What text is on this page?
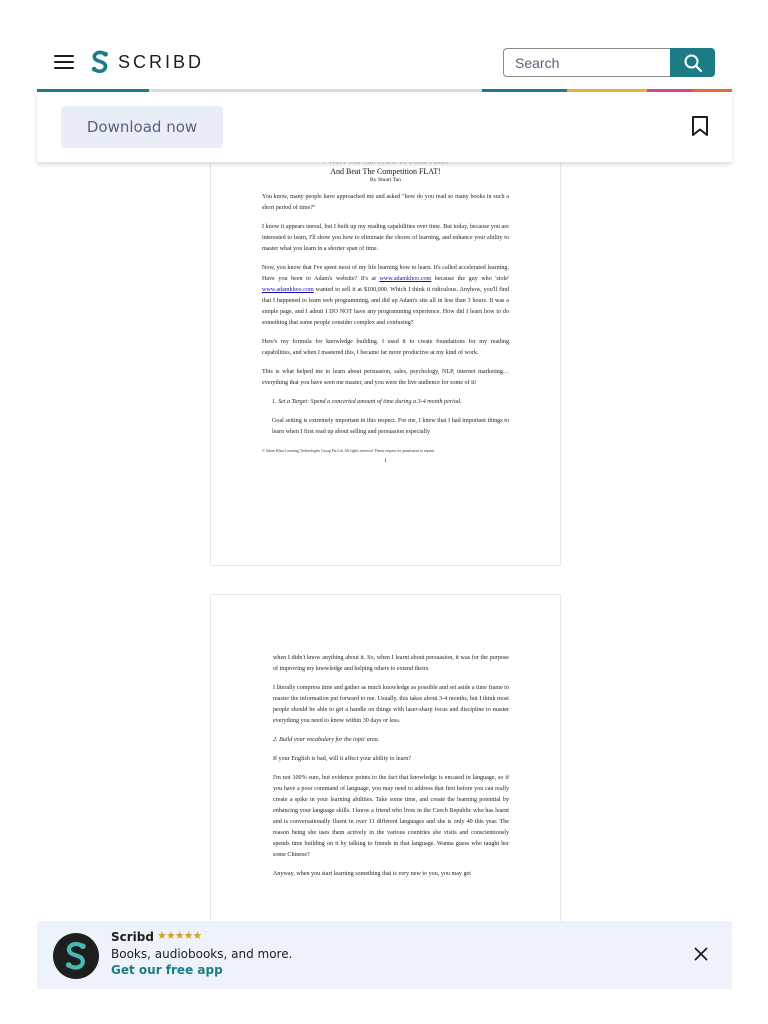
SCRIBD
Search
And Beat The Competition FLAT!
By Stuart Tan

You know, many people have approached me and asked "how do you read so many books in such a short period of time?"

I know it appears unreal, but I built up my reading capabilities over time. But today, because you are interested to learn, I'll show you how to eliminate the chores of learning, and enhance your ability to master what you learn in a shorter span of time.

Now, you know that I've spent most of my life learning how to learn. It's called accelerated learning. Have you been to Adam's website? It's at www.adamkhoo.com because the guy who 'stole' www.adamkhoo.com wanted to sell it at $100,000. Which I think it ridiculous. Anyhow, you'll find that I happened to learn web programming, and did up Adam's site all in less than 3 hours. It was a simple page, and I admit I DO NOT have any programming experience. How did I learn how to do something that some people consider complex and confusing?

Here's my formula for knowledge building. I used it to create foundations for my reading capabilities, and when I mastered this, I became far more productive at my kind of work.

This is what helped me to learn about persuasion, sales, psychology, NLP, internet marketing… everything that you have seen me master, and you were the live audience for some of it!

1. Set a Target: Spend a concerted amount of time during a 3-4 month period.

Goal setting is extremely important in this respect. For me, I knew that I had important things to learn when I first read up about selling and persuasion especially

© Adam Khoo Learning Technologies Group Pte Ltd. All rights reserved. Please request for permission to reprint.
1

when I didn't know anything about it. So, when I learnt about persuasion, it was for the purpose of improving my knowledge and helping others to extend theirs.

I literally compress time and gather as much knowledge as possible and set aside a time frame to master the information put forward to me. Usually, this takes about 3-4 months, but I think most people should be able to get a handle on things with laser-sharp focus and discipline to master everything you need to know within 30 days or less.

2. Build your vocabulary for the topic area.

If your English is bad, will it affect your ability to learn?

I'm not 100% sure, but evidence points to the fact that knowledge is encased in language, so if you have a poor command of language, you may need to address that first before you can really create a spike in your learning abilities. Take some time, and create the learning potential by enhancing your language skills. I know a friend who lives in the Czech Republic who has learnt and is conversationally fluent in over 11 different languages and she is only 40 this year. The reason being she uses them actively in the various countries she visits and conscientiously spends time building on it by talking to friends in that language. Wanna guess who taught her some Chinese?

Anyway, when you start learning something that is very new to you, you may get

Download now
Scribd ★★★★★
Books, audiobooks, and more.
Get our free app
